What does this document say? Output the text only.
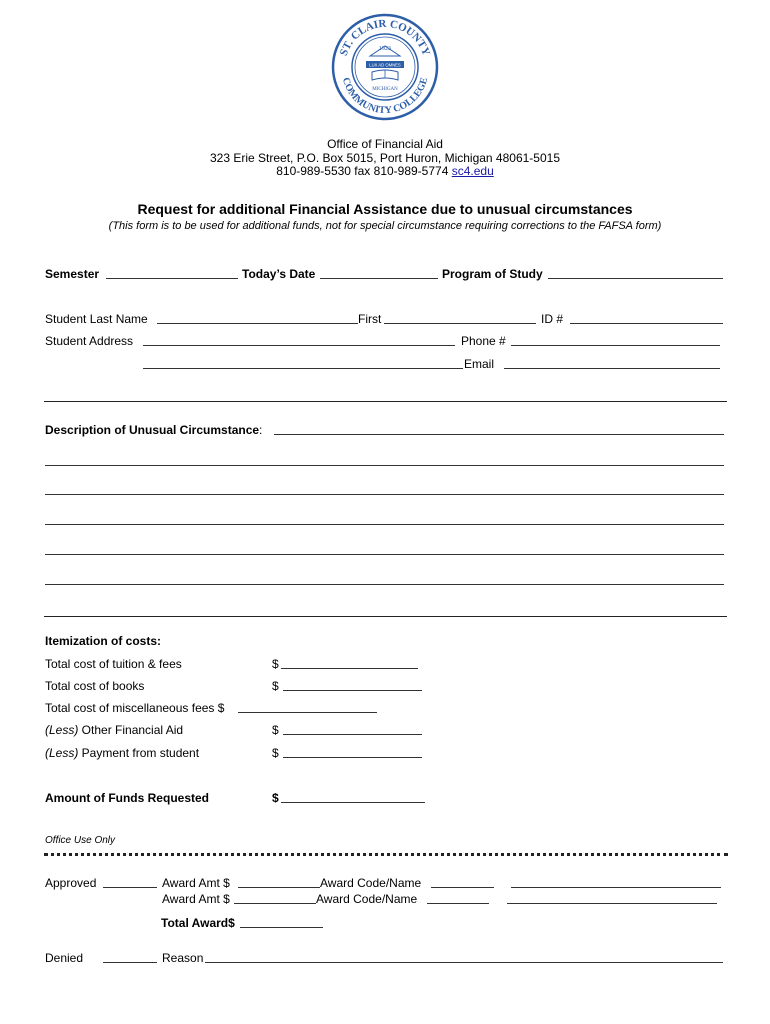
ST. CLAIR COUNTY
COMMUNITY COLLEGE
1923
LUX AD OMNES
MICHIGAN
Office of Financial Aid
323 Erie Street, P.O. Box 5015, Port Huron, Michigan 48061-5015
810-989-5530 fax 810-989-5774 sc4.edu
Request for additional Financial Assistance due to unusual circumstances
(This form is to be used for additional funds, not for special circumstance requiring corrections to the FAFSA form)
Semester	Today’s Date	Program of Study
Student Last Name	First	ID #
Student Address	Phone #
Email
Description of Unusual Circumstance:
Itemization of costs:
Total cost of tuition & fees	$
Total cost of books	$
Total cost of miscellaneous fees $
(Less) Other Financial Aid	$
(Less) Payment from student	$
Amount of Funds Requested	$
Office Use Only
Approved	Award Amt $	Award Code/Name
Award Amt $	Award Code/Name
Total Award$
Denied	Reason
